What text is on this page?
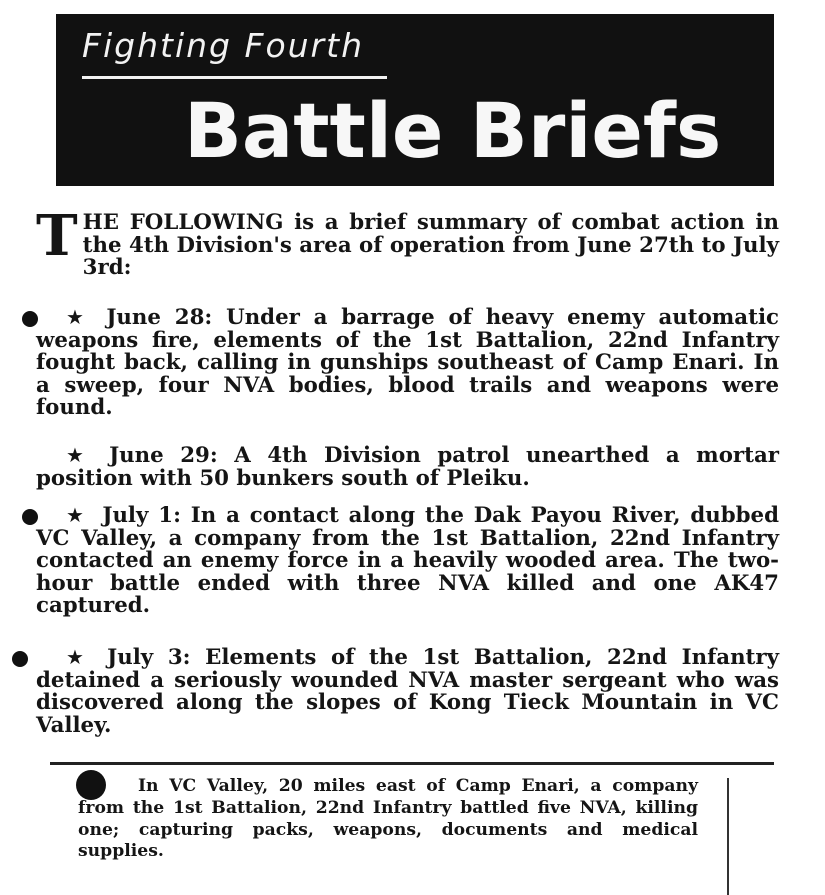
Fighting Fourth
Battle Briefs
THE FOLLOWING is a brief summary of combat action in the 4th Division's area of operation from June 27th to July 3rd:
★ June 28: Under a barrage of heavy enemy automatic weapons fire, elements of the 1st Battalion, 22nd Infantry fought back, calling in gunships southeast of Camp Enari. In a sweep, four NVA bodies, blood trails and weapons were found.
★ June 29: A 4th Division patrol unearthed a mortar position with 50 bunkers south of Pleiku.
★ July 1: In a contact along the Dak Payou River, dubbed VC Valley, a company from the 1st Battalion, 22nd Infantry contacted an enemy force in a heavily wooded area. The two-hour battle ended with three NVA killed and one AK47 captured.
★ July 3: Elements of the 1st Battalion, 22nd Infantry detained a seriously wounded NVA master sergeant who was discovered along the slopes of Kong Tieck Mountain in VC Valley.
In VC Valley, 20 miles east of Camp Enari, a company from the 1st Battalion, 22nd Infantry battled five NVA, killing one; capturing packs, weapons, documents and medical supplies.
